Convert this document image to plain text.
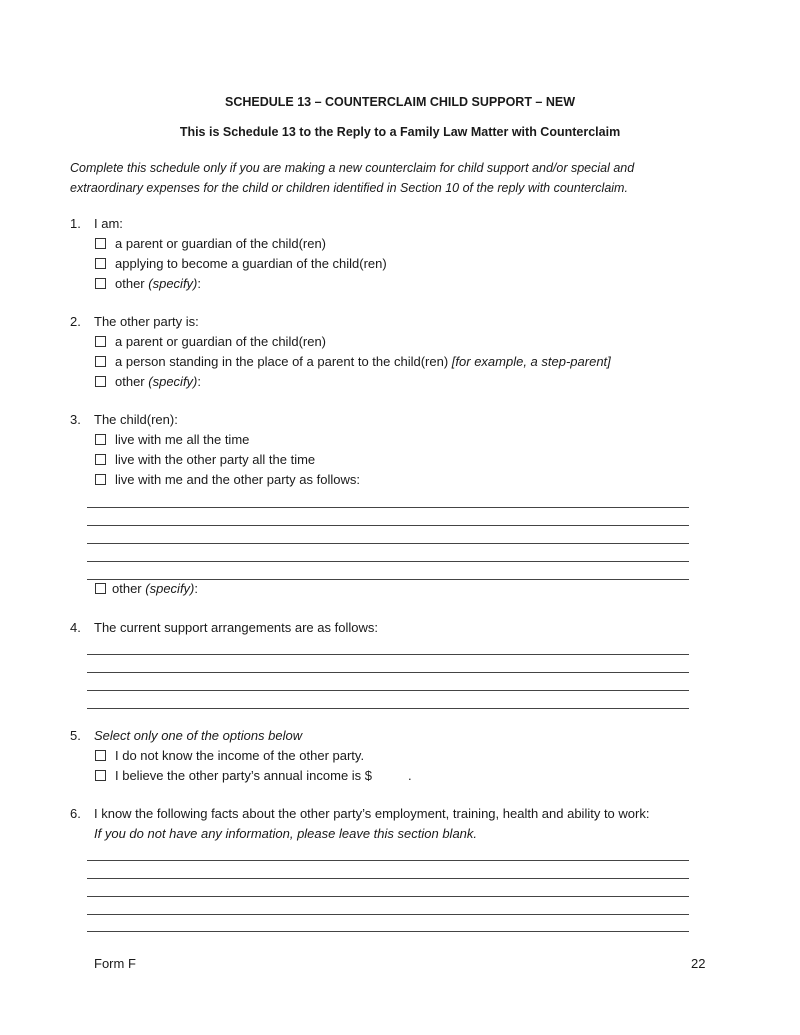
SCHEDULE 13 – COUNTERCLAIM CHILD SUPPORT – NEW
This is Schedule 13 to the Reply to a Family Law Matter with Counterclaim
Complete this schedule only if you are making a new counterclaim for child support and/or special and extraordinary expenses for the child or children identified in Section 10 of the reply with counterclaim.
1. I am:
a parent or guardian of the child(ren)
applying to become a guardian of the child(ren)
other
(specify) :
2. The other party is:
a parent or guardian of the child(ren)
a person standing in the place of a parent to the child(ren)
[for example, a step-parent]
other
(specify) :
3. The child(ren):
live with me all the time
live with the other party all the time
live with me and the other party as follows:
other
(specify) :
4. The current support arrangements are as follows:
5. Select only one of the options below
I do not know the income of the other party.
I believe the other party’s annual income is $	.
6. I know the following facts about the other party’s employment, training, health and ability to work:
If you do not have any information, please leave this section blank.
Form F	22
